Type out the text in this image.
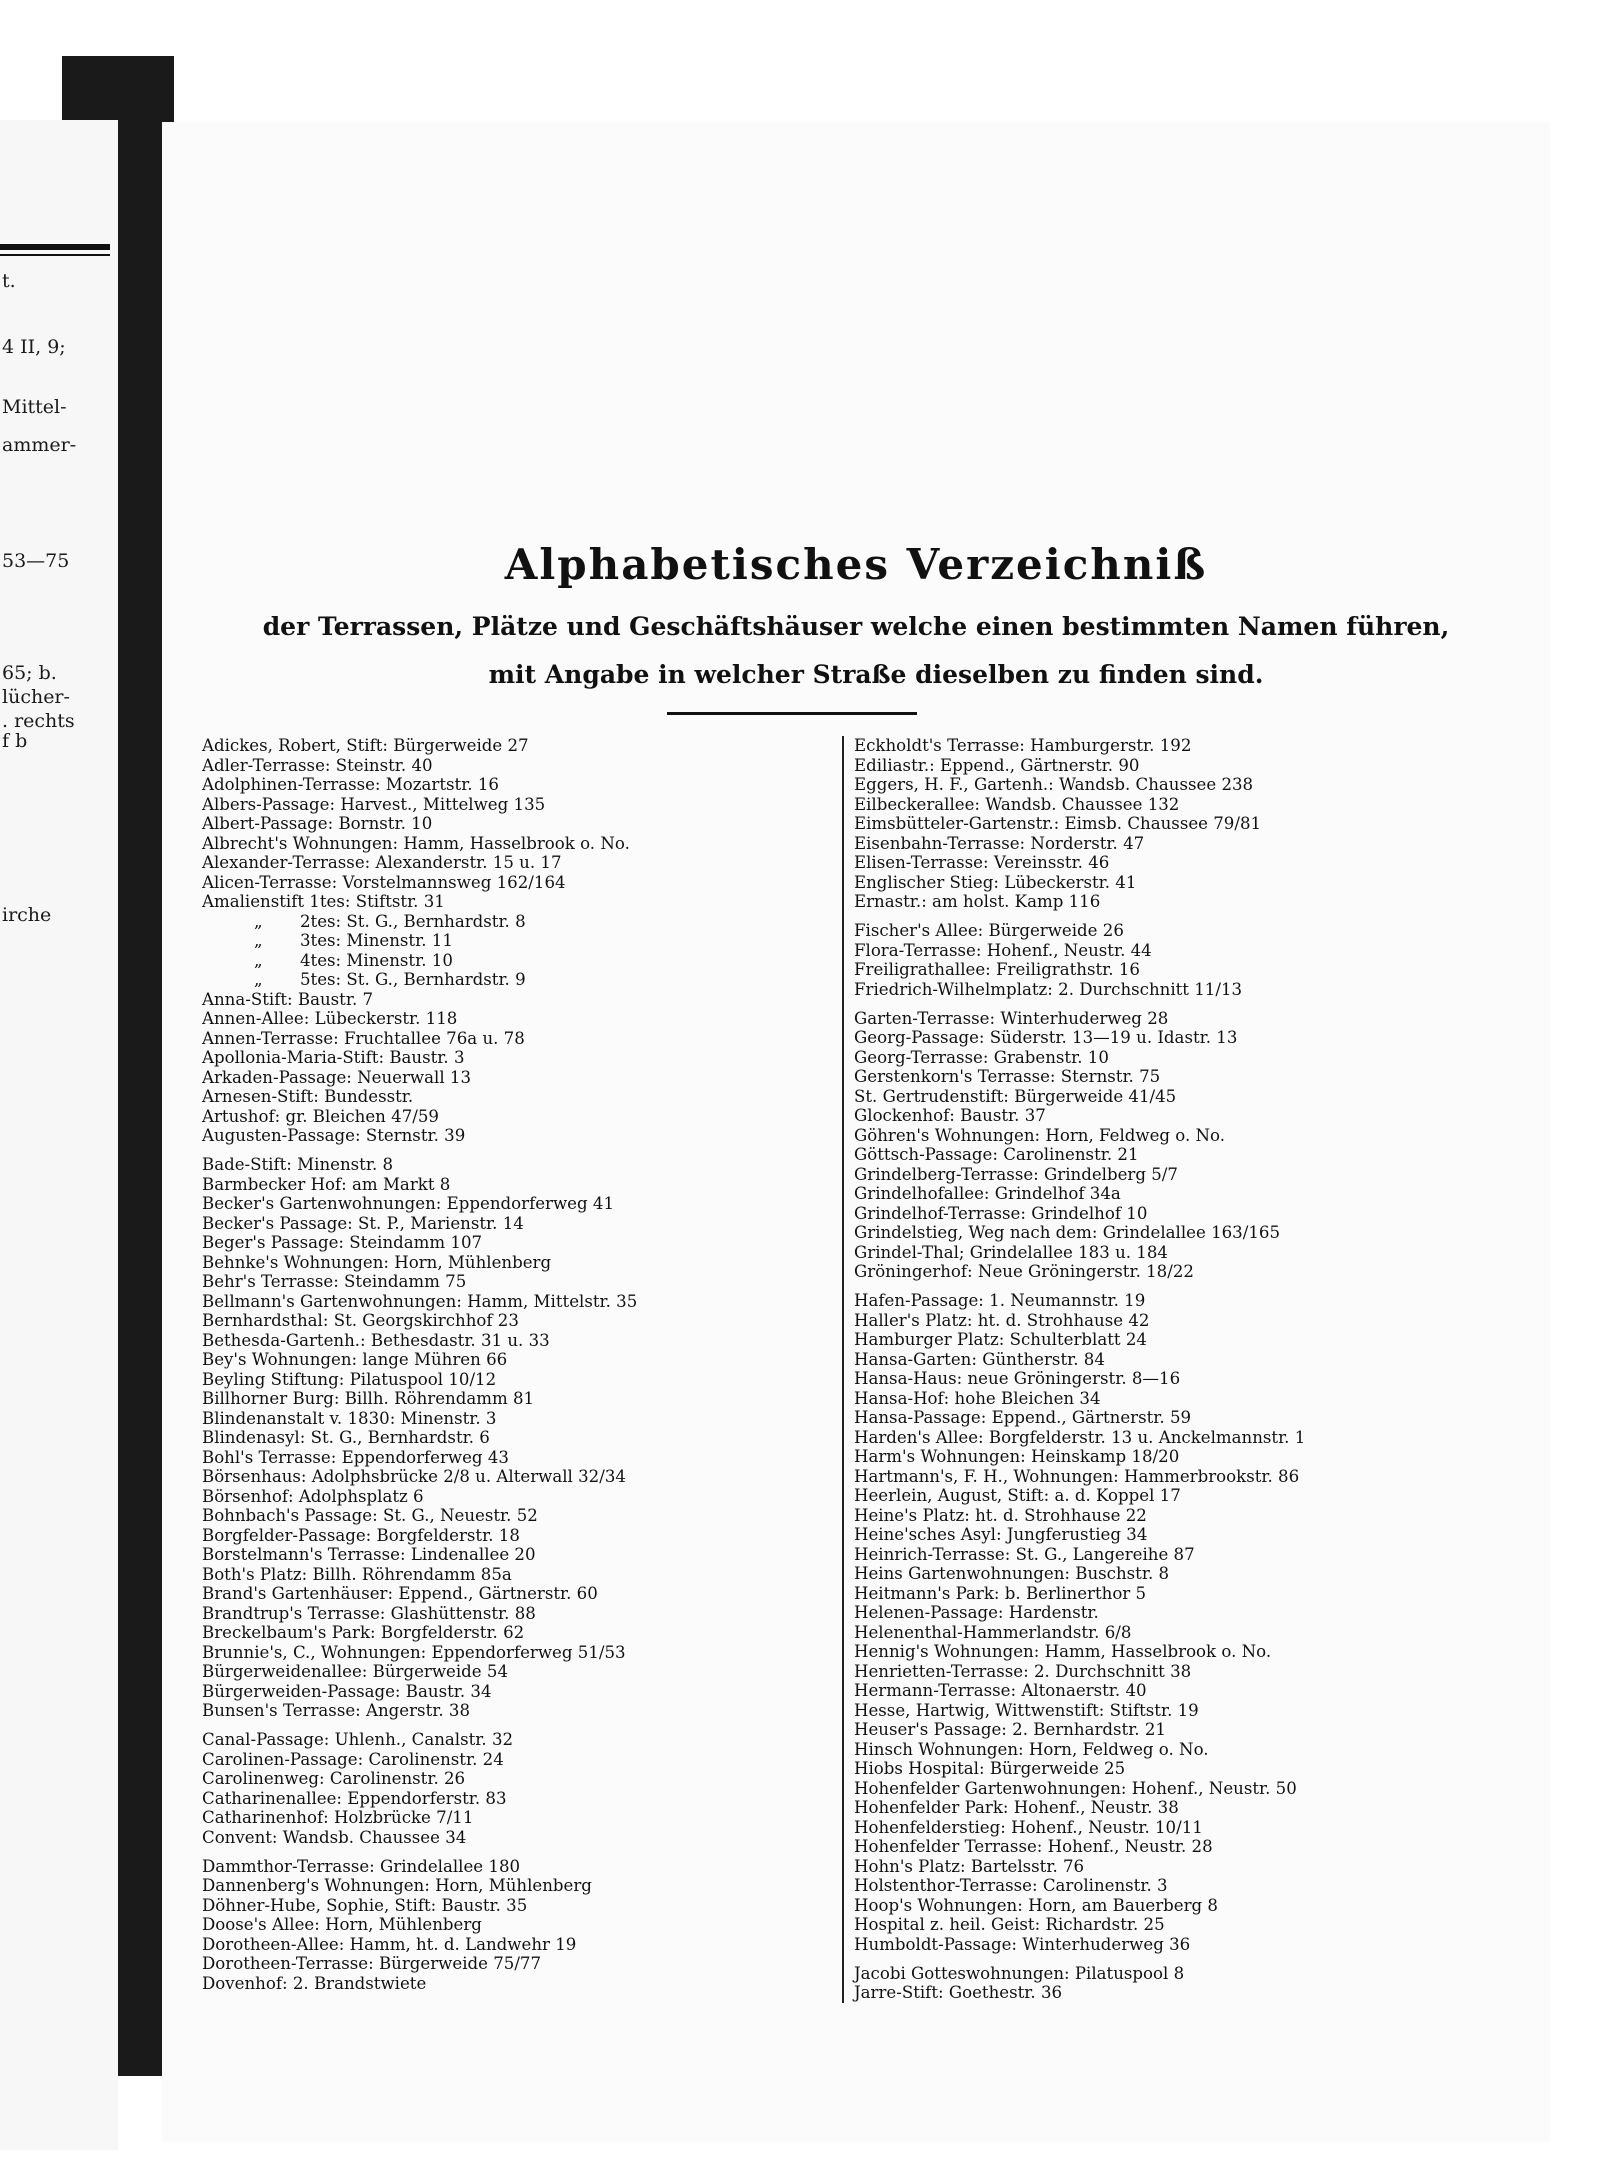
t.
4 II, 9;
Mittel-
ammer-
53—75
65; b.
lücher-
. rechts
f b
irche
Alphabetisches Verzeichniß
der Terrassen, Plätze und Geschäftshäuser welche einen bestimmten Namen führen,
mit Angabe in welcher Straße dieselben zu finden sind.
Adickes, Robert, Stift: Bürgerweide 27
Adler-Terrasse: Steinstr. 40
Adolphinen-Terrasse: Mozartstr. 16
Albers-Passage: Harvest., Mittelweg 135
Albert-Passage: Bornstr. 10
Albrecht's Wohnungen: Hamm, Hasselbrook o. No.
Alexander-Terrasse: Alexanderstr. 15 u. 17
Alicen-Terrasse: Vorstelmannsweg 162/164
Amalienstift 1tes: Stiftstr. 31
„ 2tes: St. G., Bernhardstr. 8
„ 3tes: Minenstr. 11
„ 4tes: Minenstr. 10
„ 5tes: St. G., Bernhardstr. 9
Anna-Stift: Baustr. 7
Annen-Allee: Lübeckerstr. 118
Annen-Terrasse: Fruchtallee 76a u. 78
Apollonia-Maria-Stift: Baustr. 3
Arkaden-Passage: Neuerwall 13
Arnesen-Stift: Bundesstr.
Artushof: gr. Bleichen 47/59
Augusten-Passage: Sternstr. 39
Bade-Stift: Minenstr. 8
Barmbecker Hof: am Markt 8
Becker's Gartenwohnungen: Eppendorferweg 41
Becker's Passage: St. P., Marienstr. 14
Beger's Passage: Steindamm 107
Behnke's Wohnungen: Horn, Mühlenberg
Behr's Terrasse: Steindamm 75
Bellmann's Gartenwohnungen: Hamm, Mittelstr. 35
Bernhardsthal: St. Georgskirchhof 23
Bethesda-Gartenh.: Bethesdastr. 31 u. 33
Bey's Wohnungen: lange Mühren 66
Beyling Stiftung: Pilatuspool 10/12
Billhorner Burg: Billh. Röhrendamm 81
Blindenanstalt v. 1830: Minenstr. 3
Blindenasyl: St. G., Bernhardstr. 6
Bohl's Terrasse: Eppendorferweg 43
Börsenhaus: Adolphsbrücke 2/8 u. Alterwall 32/34
Börsenhof: Adolphsplatz 6
Bohnbach's Passage: St. G., Neuestr. 52
Borgfelder-Passage: Borgfelderstr. 18
Borstelmann's Terrasse: Lindenallee 20
Both's Platz: Billh. Röhrendamm 85a
Brand's Gartenhäuser: Eppend., Gärtnerstr. 60
Brandtrup's Terrasse: Glashüttenstr. 88
Breckelbaum's Park: Borgfelderstr. 62
Brunnie's, C., Wohnungen: Eppendorferweg 51/53
Bürgerweidenallee: Bürgerweide 54
Bürgerweiden-Passage: Baustr. 34
Bunsen's Terrasse: Angerstr. 38
Canal-Passage: Uhlenh., Canalstr. 32
Carolinen-Passage: Carolinenstr. 24
Carolinenweg: Carolinenstr. 26
Catharinenallee: Eppendorferstr. 83
Catharinenhof: Holzbrücke 7/11
Convent: Wandsb. Chaussee 34
Dammthor-Terrasse: Grindelallee 180
Dannenberg's Wohnungen: Horn, Mühlenberg
Döhner-Hube, Sophie, Stift: Baustr. 35
Doose's Allee: Horn, Mühlenberg
Dorotheen-Allee: Hamm, ht. d. Landwehr 19
Dorotheen-Terrasse: Bürgerweide 75/77
Dovenhof: 2. Brandstwiete
Eckholdt's Terrasse: Hamburgerstr. 192
Ediliastr.: Eppend., Gärtnerstr. 90
Eggers, H. F., Gartenh.: Wandsb. Chaussee 238
Eilbeckerallee: Wandsb. Chaussee 132
Eimsbütteler-Gartenstr.: Eimsb. Chaussee 79/81
Eisenbahn-Terrasse: Norderstr. 47
Elisen-Terrasse: Vereinsstr. 46
Englischer Stieg: Lübeckerstr. 41
Ernastr.: am holst. Kamp 116
Fischer's Allee: Bürgerweide 26
Flora-Terrasse: Hohenf., Neustr. 44
Freiligrathallee: Freiligrathstr. 16
Friedrich-Wilhelmplatz: 2. Durchschnitt 11/13
Garten-Terrasse: Winterhuderweg 28
Georg-Passage: Süderstr. 13—19 u. Idastr. 13
Georg-Terrasse: Grabenstr. 10
Gerstenkorn's Terrasse: Sternstr. 75
St. Gertrudenstift: Bürgerweide 41/45
Glockenhof: Baustr. 37
Göhren's Wohnungen: Horn, Feldweg o. No.
Göttsch-Passage: Carolinenstr. 21
Grindelberg-Terrasse: Grindelberg 5/7
Grindelhofallee: Grindelhof 34a
Grindelhof-Terrasse: Grindelhof 10
Grindelstieg, Weg nach dem: Grindelallee 163/165
Grindel-Thal; Grindelallee 183 u. 184
Gröningerhof: Neue Gröningerstr. 18/22
Hafen-Passage: 1. Neumannstr. 19
Haller's Platz: ht. d. Strohhause 42
Hamburger Platz: Schulterblatt 24
Hansa-Garten: Güntherstr. 84
Hansa-Haus: neue Gröningerstr. 8—16
Hansa-Hof: hohe Bleichen 34
Hansa-Passage: Eppend., Gärtnerstr. 59
Harden's Allee: Borgfelderstr. 13 u. Anckelmannstr. 1
Harm's Wohnungen: Heinskamp 18/20
Hartmann's, F. H., Wohnungen: Hammerbrookstr. 86
Heerlein, August, Stift: a. d. Koppel 17
Heine's Platz: ht. d. Strohhause 22
Heine'sches Asyl: Jungferustieg 34
Heinrich-Terrasse: St. G., Langereihe 87
Heins Gartenwohnungen: Buschstr. 8
Heitmann's Park: b. Berlinerthor 5
Helenen-Passage: Hardenstr.
Helenenthal-Hammerlandstr. 6/8
Hennig's Wohnungen: Hamm, Hasselbrook o. No.
Henrietten-Terrasse: 2. Durchschnitt 38
Hermann-Terrasse: Altonaerstr. 40
Hesse, Hartwig, Wittwenstift: Stiftstr. 19
Heuser's Passage: 2. Bernhardstr. 21
Hinsch Wohnungen: Horn, Feldweg o. No.
Hiobs Hospital: Bürgerweide 25
Hohenfelder Gartenwohnungen: Hohenf., Neustr. 50
Hohenfelder Park: Hohenf., Neustr. 38
Hohenfelderstieg: Hohenf., Neustr. 10/11
Hohenfelder Terrasse: Hohenf., Neustr. 28
Hohn's Platz: Bartelsstr. 76
Holstenthor-Terrasse: Carolinenstr. 3
Hoop's Wohnungen: Horn, am Bauerberg 8
Hospital z. heil. Geist: Richardstr. 25
Humboldt-Passage: Winterhuderweg 36
Jacobi Gotteswohnungen: Pilatuspool 8
Jarre-Stift: Goethestr. 36
